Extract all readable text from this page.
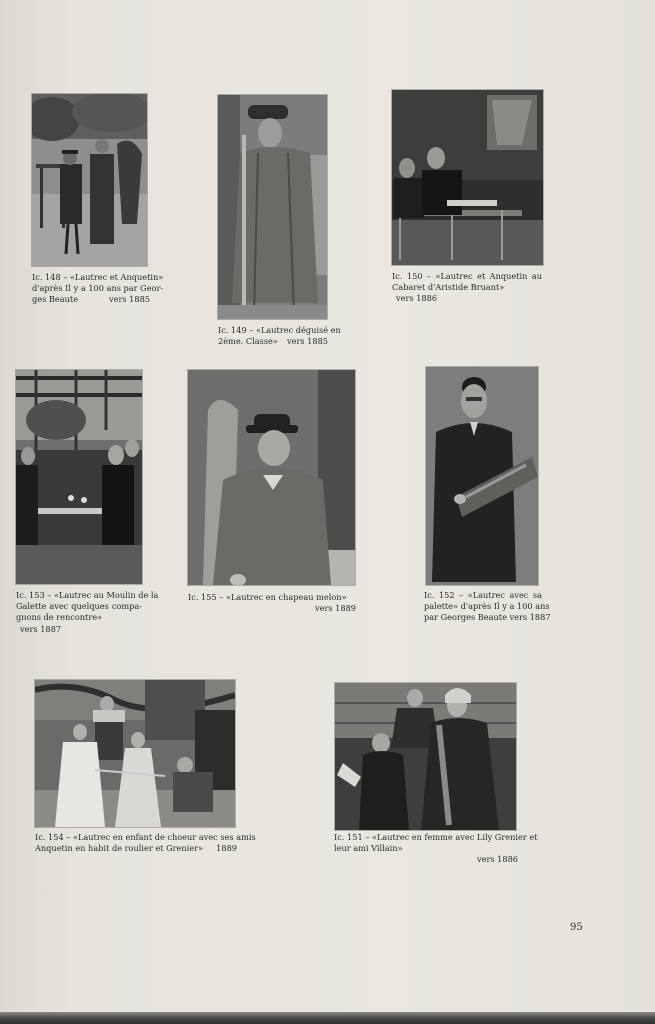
Ic. 148 – «Lautrec et Anquetin»
d'après Il y a 100 ans par Geor-
ges Beaute	vers 1885
Ic. 149 – «Lautrec déguisé en
2ème. Classe»	vers 1885
Ic. 150 – «Lautrec et Anquetin au
Cabaret d'Aristide Bruant» vers 1886
Ic. 153 – «Lautrec au Moulin de la
Galette avec quelques compa-
gnons de rencontre» vers 1887
Ic. 155 – «Lautrec en chapeau melon»
vers 1889
Ic. 152 – «Lautrec avec sa
palette» d'après Il y a 100 ans
par Georges Beaute vers 1887
Ic. 154 – «Lautrec en enfant de choeur avec ses amis
Anquetin en habit de roulier et Grenier»	1889
Ic. 151 – «Lautrec en femme avec Lily Grenier et
leur ami Villain»
vers 1886
95
